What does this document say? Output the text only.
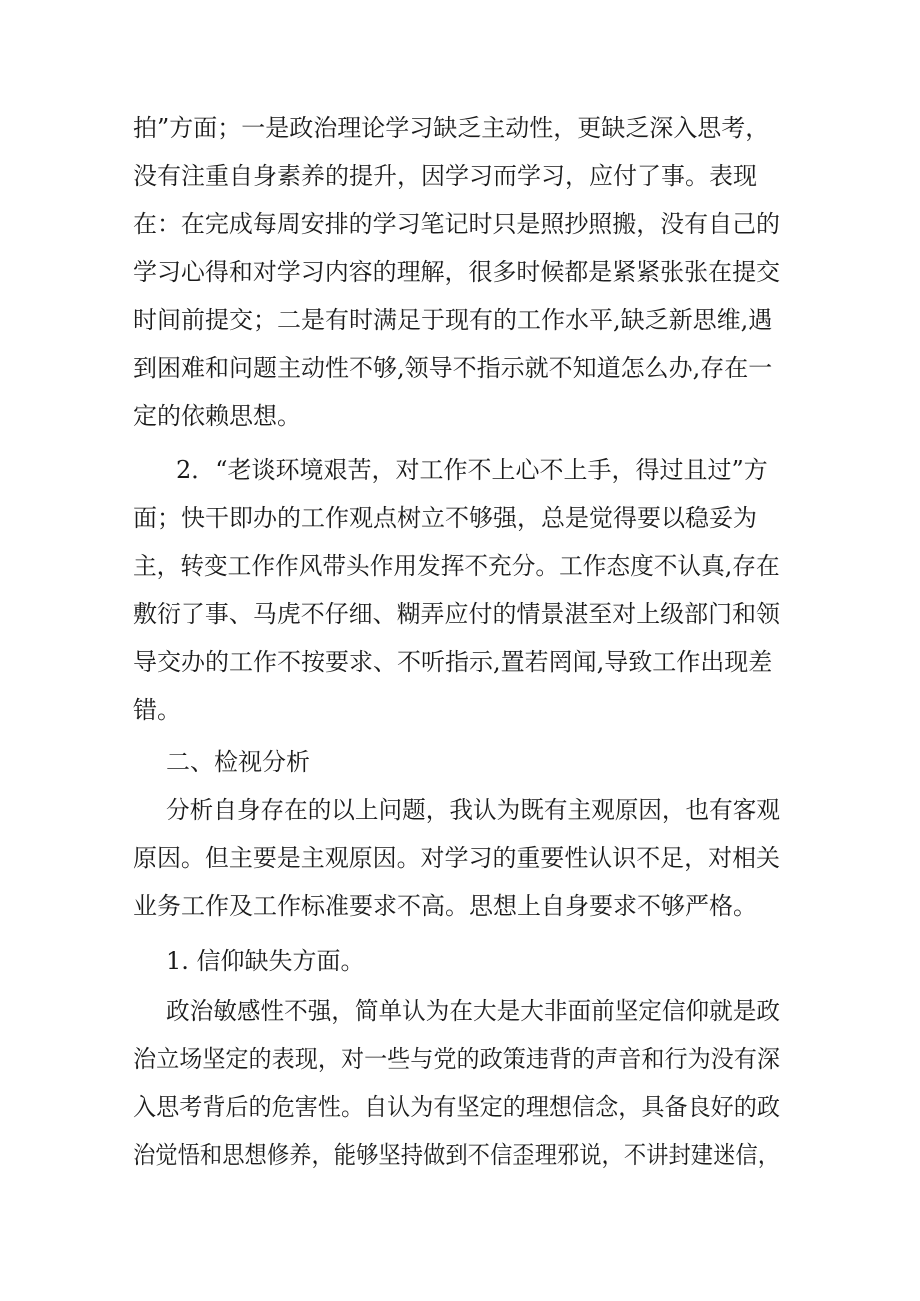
拍”方面；一是政治理论学习缺乏主动性，更缺乏深入思考，

没有注重自身素养的提升，因学习而学习，应付了事。表现

在：在完成每周安排的学习笔记时只是照抄照搬，没有自己的

学习心得和对学习内容的理解，很多时候都是紧紧张张在提交

时间前提交；二是有时满足于现有的工作水平,缺乏新思维,遇

到困难和问题主动性不够,领导不指示就不知道怎么办,存在一

定的依赖思想。

2．“老谈环境艰苦，对工作不上心不上手，得过且过”方

面；快干即办的工作观点树立不够强，总是觉得要以稳妥为

主，转变工作作风带头作用发挥不充分。工作态度不认真,存在

敷衍了事、马虎不仔细、糊弄应付的情景湛至对上级部门和领

导交办的工作不按要求、不听指示,置若罔闻,导致工作出现差

错。

二、检视分析

分析自身存在的以上问题，我认为既有主观原因，也有客观

原因。但主要是主观原因。对学习的重要性认识不足，对相关

业务工作及工作标准要求不高。思想上自身要求不够严格。

1. 信仰缺失方面。

政治敏感性不强，简单认为在大是大非面前坚定信仰就是政

治立场坚定的表现，对一些与党的政策违背的声音和行为没有深

入思考背后的危害性。自认为有坚定的理想信念，具备良好的政

治觉悟和思想修养，能够坚持做到不信歪理邪说，不讲封建迷信，
